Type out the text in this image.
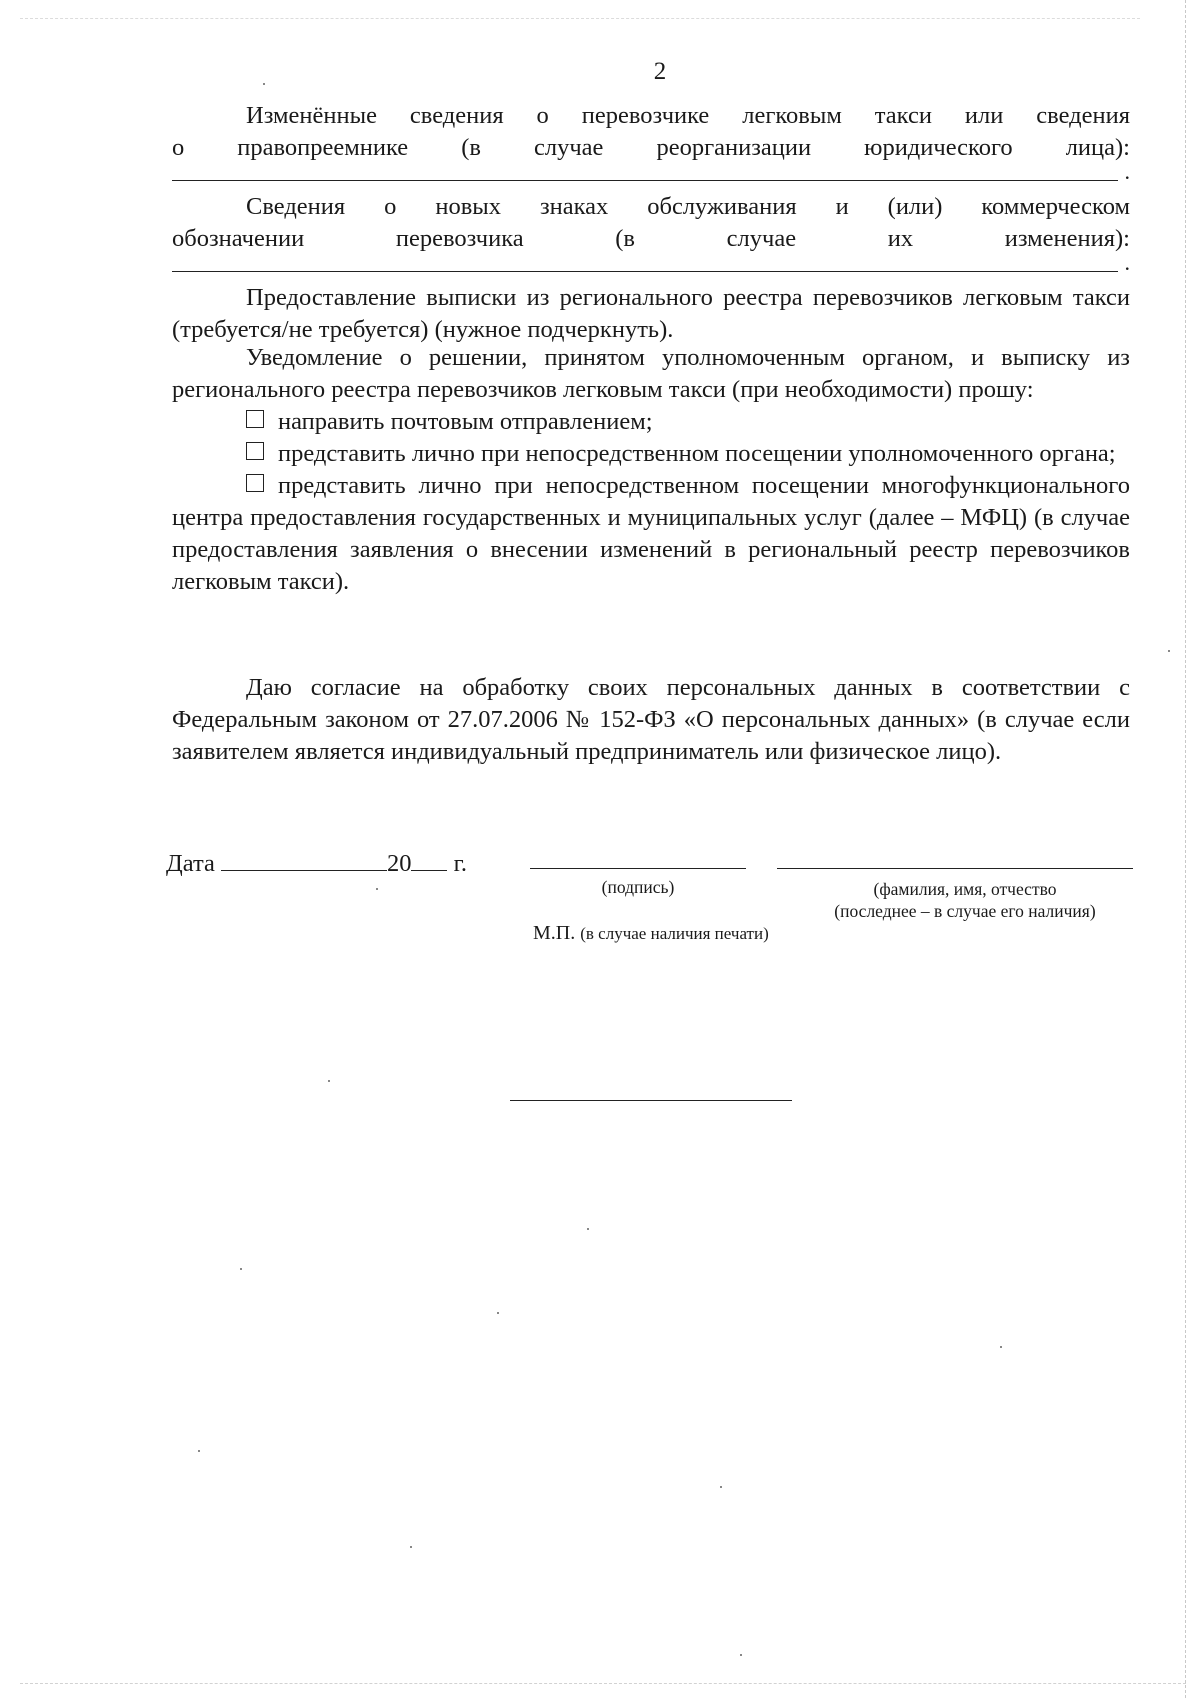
2

Изменённые сведения о перевозчике легковым такси или сведения

о правопреемнике (в случае реорганизации юридического лица):

.

Сведения о новых знаках обслуживания и (или) коммерческом

обозначении перевозчика (в случае их изменения):

.

Предоставление выписки из регионального реестра перевозчиков легковым такси (требуется/не требуется) (нужное подчеркнуть).

Уведомление о решении, принятом уполномоченным органом, и выписку из регионального реестра перевозчиков легковым такси (при необходимости) прошу:

направить почтовым отправлением;

представить лично при непосредственном посещении уполномоченного органа;

представить лично при непосредственном посещении многофункционального центра предоставления государственных и муниципальных услуг (далее – МФЦ) (в случае предоставления заявления о внесении изменений в региональный реестр перевозчиков легковым такси).

Даю согласие на обработку своих персональных данных в соответствии с Федеральным законом от 27.07.2006 № 152-ФЗ «О персональных данных» (в случае если заявителем является индивидуальный предприниматель или физическое лицо).

Дата	20 г.
(подпись)	(фамилия, имя, отчество
(последнее – в случае его наличия)
М.П. (в случае наличия печати)
